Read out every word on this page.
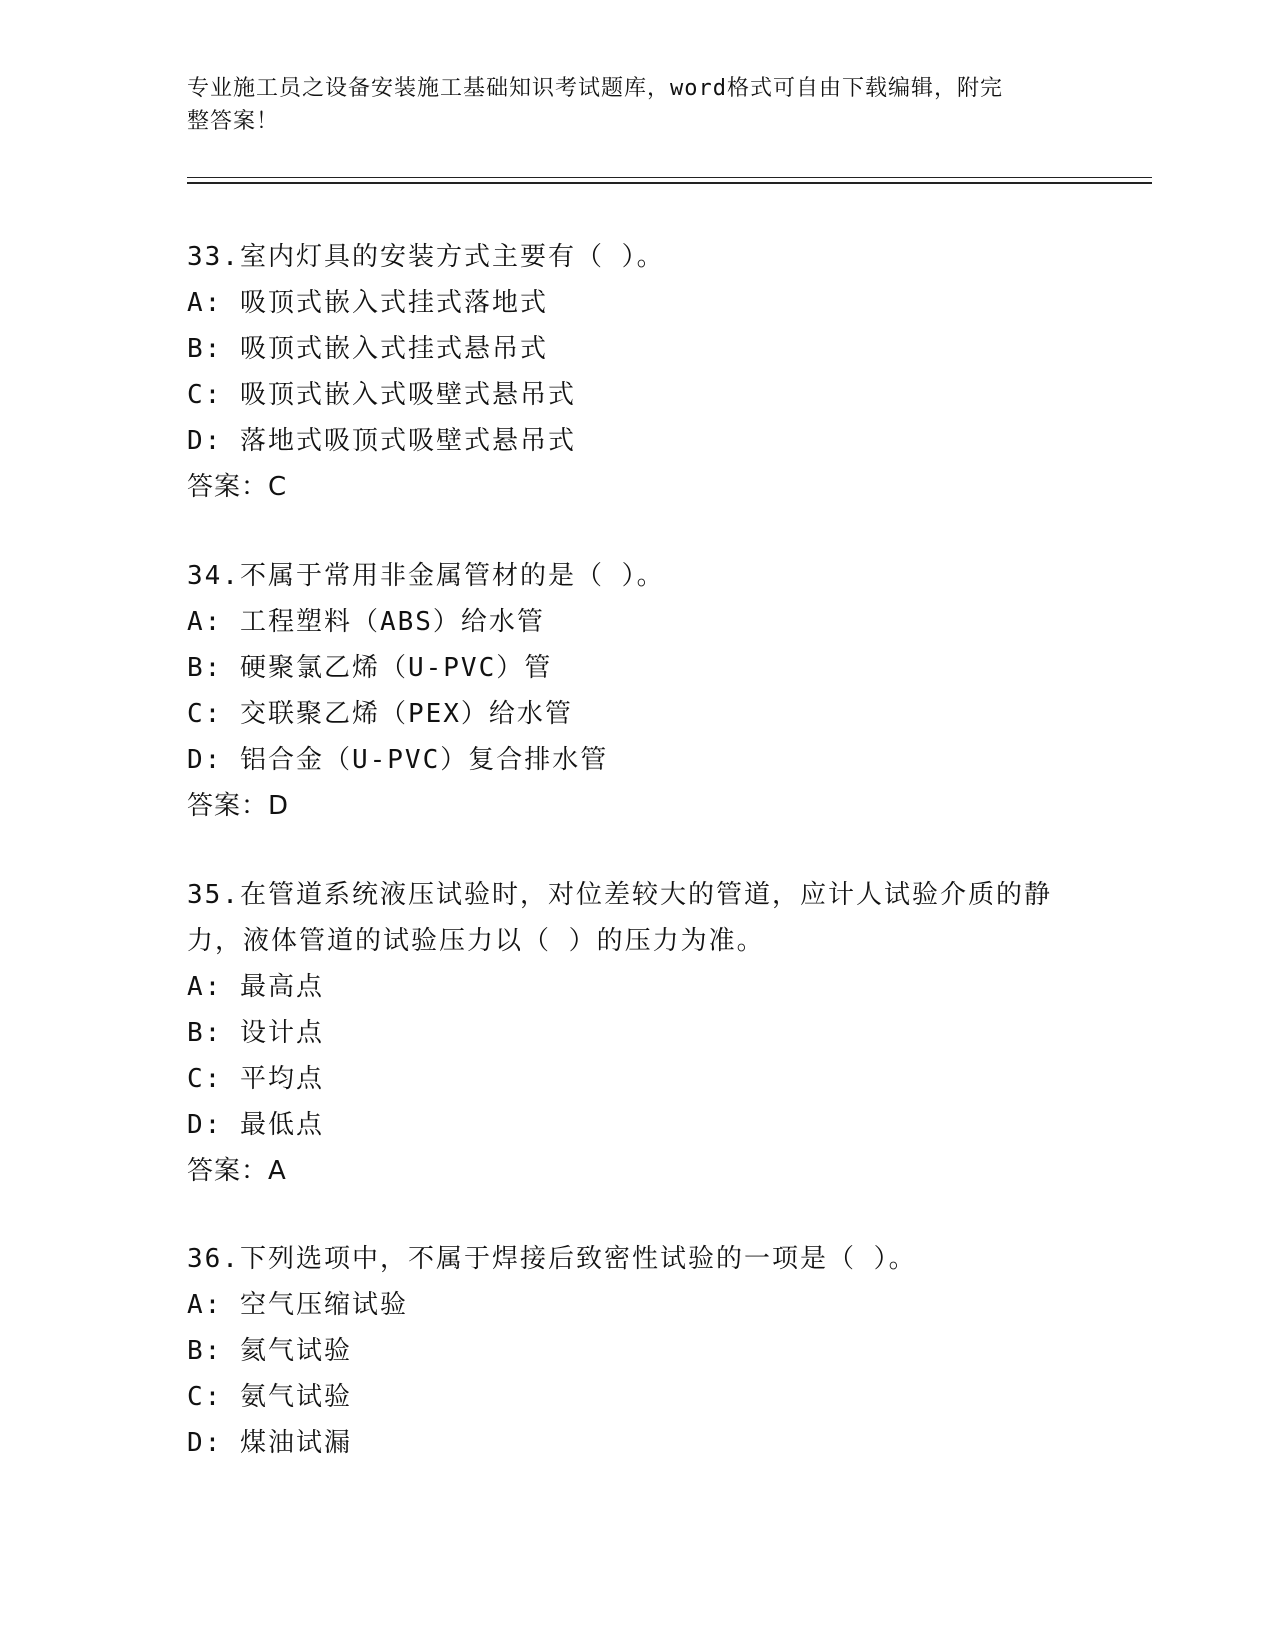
专业施工员之设备安装施工基础知识考试题库，word格式可自由下载编辑，附完
整答案！
33.室内灯具的安装方式主要有（ ）。
A: 吸顶式嵌入式挂式落地式
B: 吸顶式嵌入式挂式悬吊式
C: 吸顶式嵌入式吸壁式悬吊式
D: 落地式吸顶式吸壁式悬吊式
答案：C
34.不属于常用非金属管材的是（ ）。
A: 工程塑料（ABS）给水管
B: 硬聚氯乙烯（U-PVC）管
C: 交联聚乙烯（PEX）给水管
D: 铝合金（U-PVC）复合排水管
答案：D
35.在管道系统液压试验时，对位差较大的管道，应计人试验介质的静
力，液体管道的试验压力以（ ）的压力为准。
A: 最高点
B: 设计点
C: 平均点
D: 最低点
答案：A
36.下列选项中，不属于焊接后致密性试验的一项是（ ）。
A: 空气压缩试验
B: 氦气试验
C: 氨气试验
D: 煤油试漏
